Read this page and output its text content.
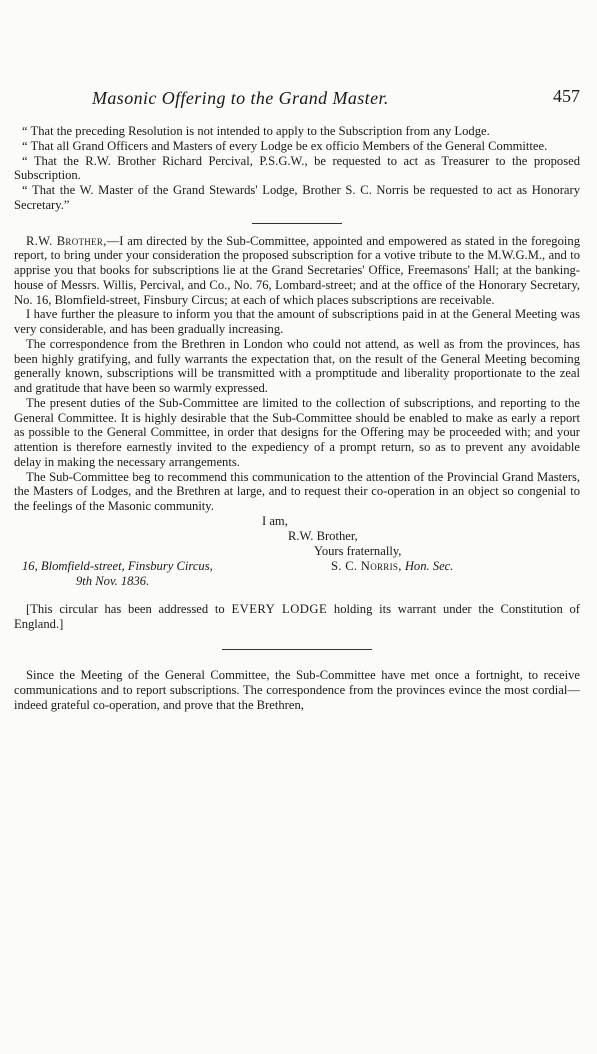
Masonic Offering to the Grand Master.	457

“ That the preceding Resolution is not intended to apply to the Subscription from any Lodge.

“ That all Grand Officers and Masters of every Lodge be ex officio Members of the General Committee.

“ That the R.W. Brother Richard Percival, P.S.G.W., be requested to act as Treasurer to the proposed Subscription.

“ That the W. Master of the Grand Stewards' Lodge, Brother S. C. Norris be requested to act as Honorary Secretary.”

R.W. Brother,—I am directed by the Sub-Committee, appointed and empowered as stated in the foregoing report, to bring under your consideration the proposed subscription for a votive tribute to the M.W.G.M., and to apprise you that books for subscriptions lie at the Grand Secretaries' Office, Freemasons' Hall; at the banking-house of Messrs. Willis, Percival, and Co., No. 76, Lombard-street; and at the office of the Honorary Secretary, No. 16, Blomfield-street, Finsbury Circus; at each of which places subscriptions are receivable.

I have further the pleasure to inform you that the amount of subscriptions paid in at the General Meeting was very considerable, and has been gradually increasing.

The correspondence from the Brethren in London who could not attend, as well as from the provinces, has been highly gratifying, and fully warrants the expectation that, on the result of the General Meeting becoming generally known, subscriptions will be transmitted with a promptitude and liberality proportionate to the zeal and gratitude that have been so warmly expressed.

The present duties of the Sub-Committee are limited to the collection of subscriptions, and reporting to the General Committee. It is highly desirable that the Sub-Committee should be enabled to make as early a report as possible to the General Committee, in order that designs for the Offering may be proceeded with; and your attention is therefore earnestly invited to the expediency of a prompt return, so as to prevent any avoidable delay in making the necessary arrangements.

The Sub-Committee beg to recommend this communication to the attention of the Provincial Grand Masters, the Masters of Lodges, and the Brethren at large, and to request their co-operation in an object so congenial to the feelings of the Masonic community.

I am,
R.W. Brother,
Yours fraternally,
16, Blomfield-street, Finsbury Circus,	S. C. Norris, Hon. Sec.
9th Nov. 1836.

[This circular has been addressed to EVERY LODGE holding its warrant under the Constitution of England.]

Since the Meeting of the General Committee, the Sub-Committee have met once a fortnight, to receive communications and to report subscriptions. The correspondence from the provinces evince the most cordial—indeed grateful co-operation, and prove that the Brethren,
